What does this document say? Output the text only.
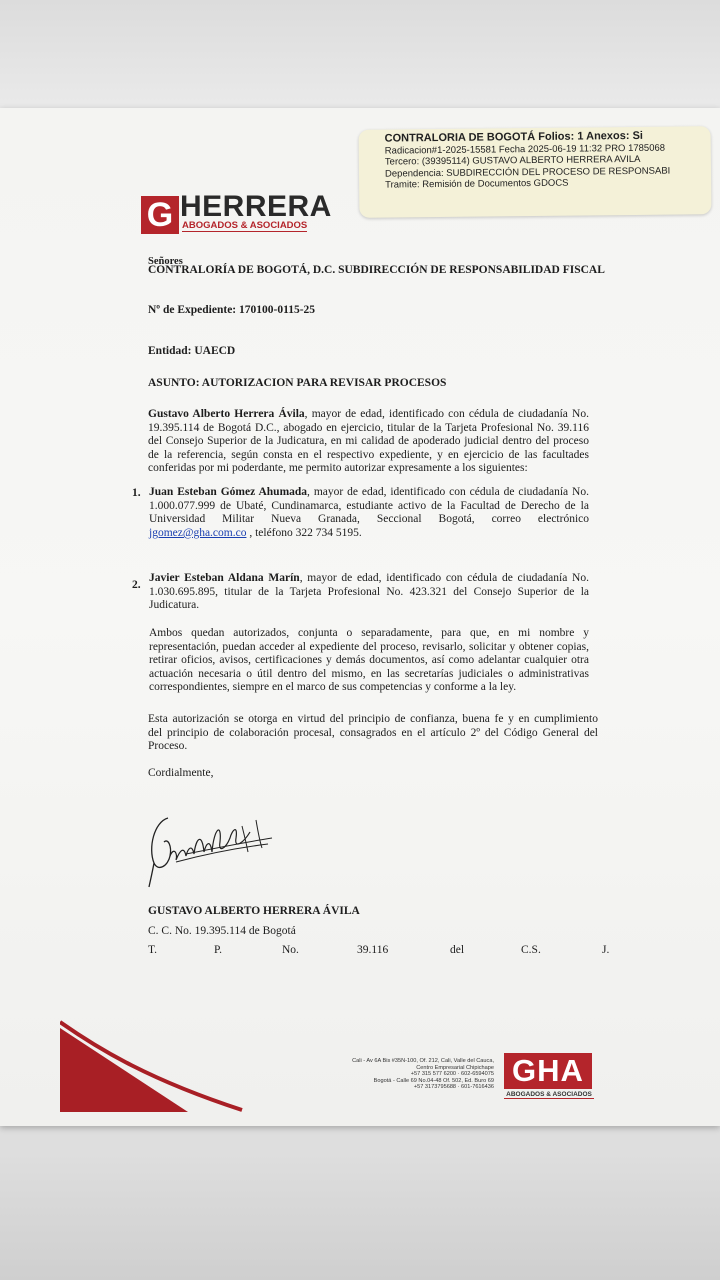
CONTRALORIA DE BOGOTÁ Folios: 1 Anexos: Si
Radicacion#1-2025-15581 Fecha 2025-06-19 11:32 PRO 1785068
Tercero: (39395114) GUSTAVO ALBERTO HERRERA AVILA
Dependencia: SUBDIRECCIÓN DEL PROCESO DE RESPONSABI
Tramite: Remisión de Documentos GDOCS
G HERRERA
ABOGADOS & ASOCIADOS
Señores
CONTRALORÍA DE BOGOTÁ, D.C. SUBDIRECCIÓN DE RESPONSABILIDAD FISCAL
Nº de Expediente: 170100-0115-25
Entidad: UAECD
ASUNTO: AUTORIZACION PARA REVISAR PROCESOS
Gustavo Alberto Herrera Ávila, mayor de edad, identificado con cédula de ciudadanía No.
19.395.114 de Bogotá D.C., abogado en ejercicio, titular de la Tarjeta Profesional No. 39.116
del Consejo Superior de la Judicatura, en mi calidad de apoderado judicial dentro del proceso
de la referencia, según consta en el respectivo expediente, y en ejercicio de las facultades
conferidas por mi poderdante, me permito autorizar expresamente a los siguientes:
1. Juan Esteban Gómez Ahumada, mayor de edad, identificado con cédula de ciudadanía No.
1.000.077.999 de Ubaté, Cundinamarca, estudiante activo de la Facultad de Derecho de la
Universidad Militar Nueva Granada, Seccional Bogotá, correo electrónico
jgomez@gha.com.co , teléfono 322 734 5195.
2.
Javier Esteban Aldana Marín, mayor de edad, identificado con cédula de ciudadanía No.
1.030.695.895, titular de la Tarjeta Profesional No. 423.321 del Consejo Superior de la
Judicatura.
Ambos quedan autorizados, conjunta o separadamente, para que, en mi nombre y
representación, puedan acceder al expediente del proceso, revisarlo, solicitar y obtener copias,
retirar oficios, avisos, certificaciones y demás documentos, así como adelantar cualquier otra
actuación necesaria o útil dentro del mismo, en las secretarías judiciales o administrativas
correspondientes, siempre en el marco de sus competencias y conforme a la ley.
Esta autorización se otorga en virtud del principio de confianza, buena fe y en cumplimiento
del principio de colaboración procesal, consagrados en el artículo 2º del Código General del
Proceso.
Cordialmente,
GUSTAVO ALBERTO HERRERA ÁVILA
C. C. No. 19.395.114 de Bogotá
T.	P.	No.	39.116	del	C.S.	J.
Cali - Av 6A Bis #35N-100, Of. 212, Cali, Valle del Cauca,
Centro Empresarial Chipichape
+57 315 577 6200 · 602-6594075
Bogotá - Calle 69 No.04-48 Of. 502, Ed. Buro 69
+57 3173795688 · 601-7616436 GHA
ABOGADOS & ASOCIADOS
